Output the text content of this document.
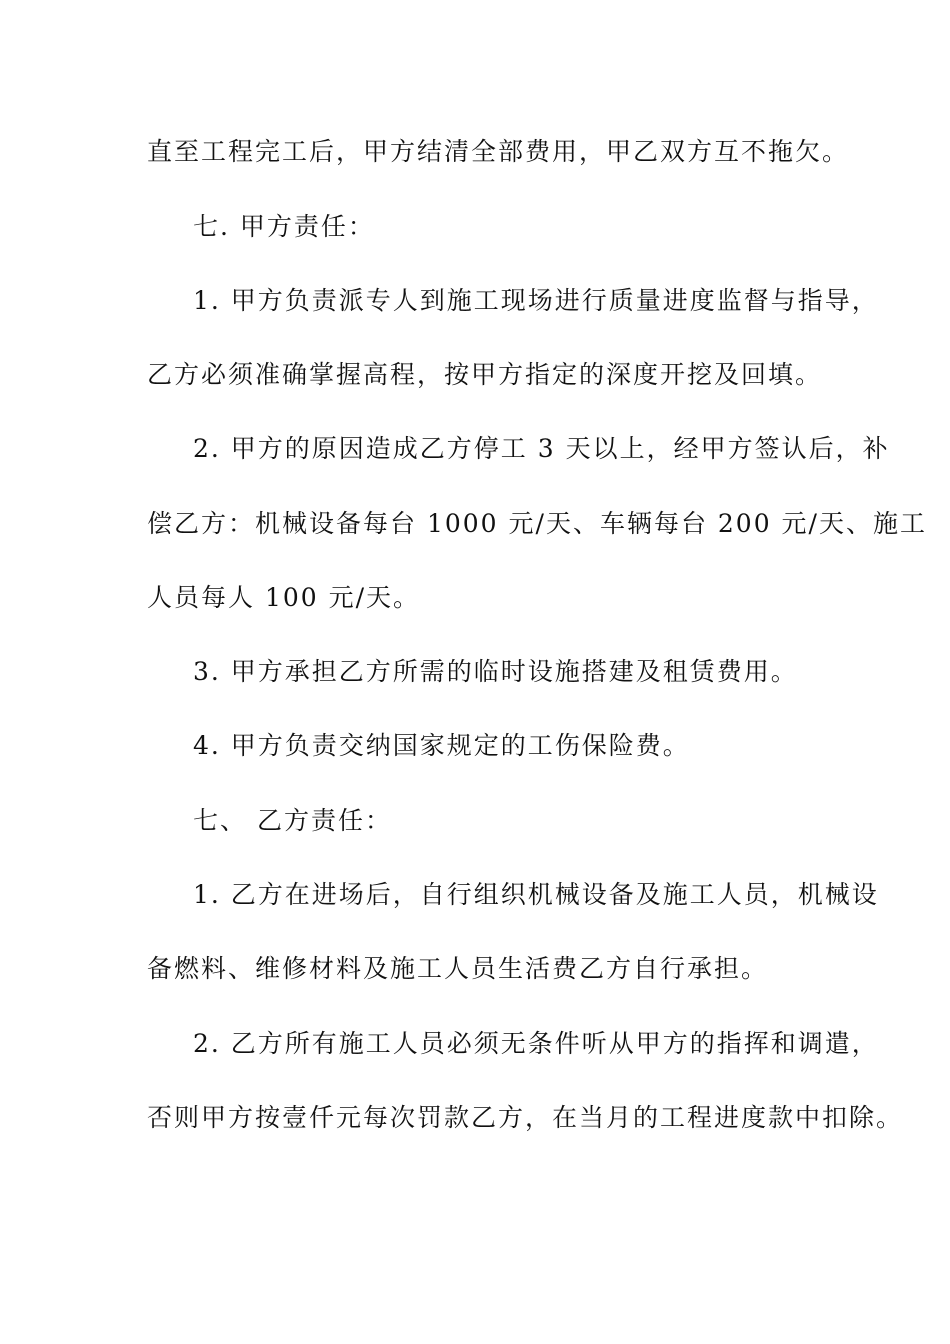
直至工程完工后，甲方结清全部费用，甲乙双方互不拖欠。
七. 甲方责任：
1. 甲方负责派专人到施工现场进行质量进度监督与指导，
乙方必须准确掌握高程，按甲方指定的深度开挖及回填。
2. 甲方的原因造成乙方停工 3 天以上，经甲方签认后，补
偿乙方：机械设备每台 1000 元/天、车辆每台 200 元/天、施工
人员每人 100 元/天。
3. 甲方承担乙方所需的临时设施搭建及租赁费用。
4. 甲方负责交纳国家规定的工伤保险费。
七、 乙方责任：
1. 乙方在进场后，自行组织机械设备及施工人员，机械设
备燃料、维修材料及施工人员生活费乙方自行承担。
2. 乙方所有施工人员必须无条件听从甲方的指挥和调遣，
否则甲方按壹仟元每次罚款乙方，在当月的工程进度款中扣除。
